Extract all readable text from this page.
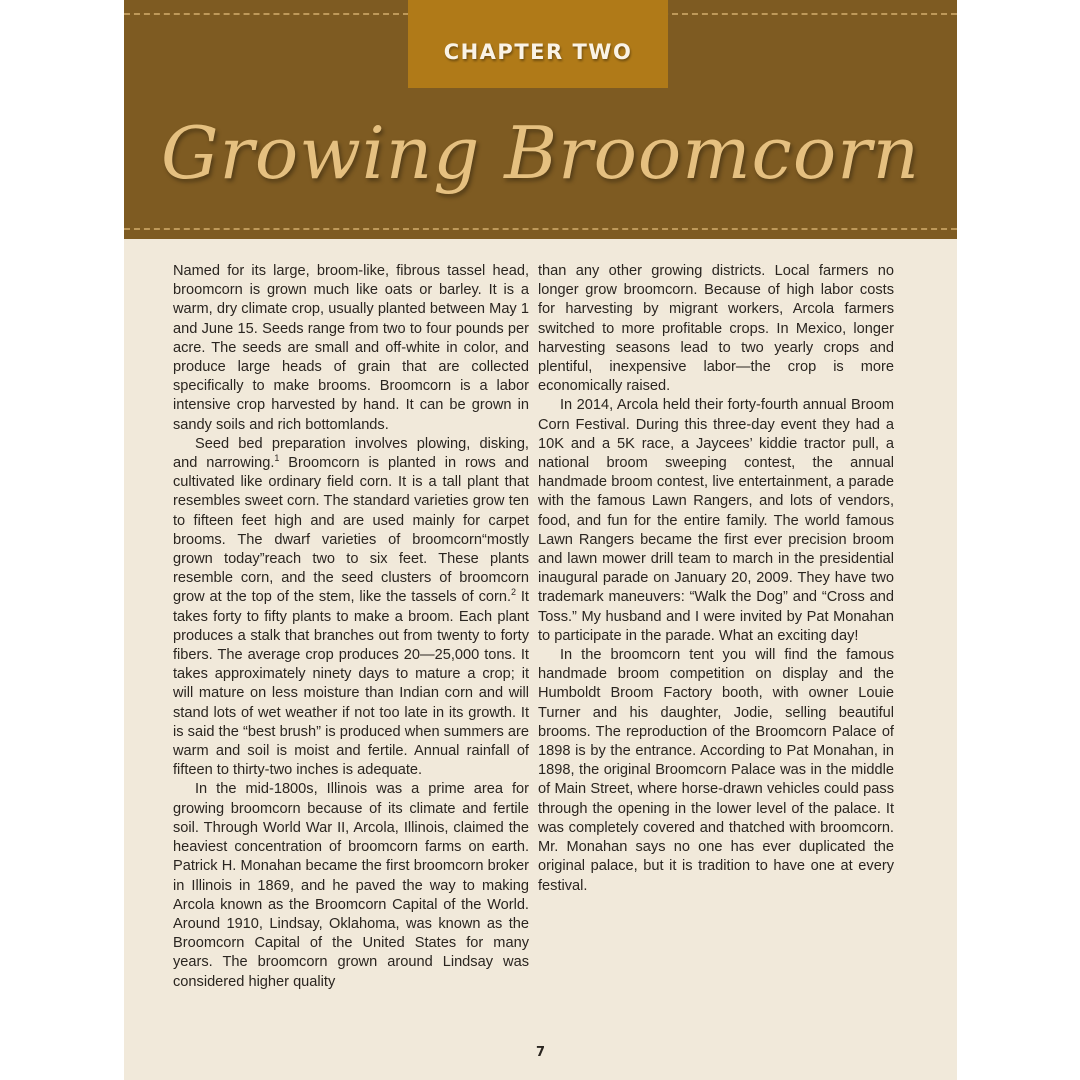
CHAPTER TWO
Growing Broomcorn

Named for its large, broom-like, fibrous tassel head, broomcorn is grown much like oats or barley. It is a warm, dry climate crop, usually planted between May 1 and June 15. Seeds range from two to four pounds per acre. The seeds are small and off-white in color, and produce large heads of grain that are collected specifically to make brooms. Broomcorn is a labor intensive crop harvested by hand. It can be grown in sandy soils and rich bottomlands.

Seed bed preparation involves plowing, disking, and narrowing.$^1$ Broomcorn is planted in rows and cultivated like ordinary field corn. It is a tall plant that resembles sweet corn. The standard varieties grow ten to fifteen feet high and are used mainly for carpet brooms. The dwarf varieties of broomcorn“mostly grown today”reach two to six feet. These plants resemble corn, and the seed clusters of broomcorn grow at the top of the stem, like the tassels of corn.$^2$ It takes forty to fifty plants to make a broom. Each plant produces a stalk that branches out from twenty to forty fibers. The average crop produces 20—25,000 tons. It takes approximately ninety days to mature a crop; it will mature on less moisture than Indian corn and will stand lots of wet weather if not too late in its growth. It is said the “best brush” is produced when summers are warm and soil is moist and fertile. Annual rainfall of fifteen to thirty-two inches is adequate.

In the mid-1800s, Illinois was a prime area for growing broomcorn because of its climate and fertile soil. Through World War II, Arcola, Illinois, claimed the heaviest concentration of broomcorn farms on earth. Patrick H. Monahan became the first broomcorn broker in Illinois in 1869, and he paved the way to making Arcola known as the Broomcorn Capital of the World. Around 1910, Lindsay, Oklahoma, was known as the Broomcorn Capital of the United States for many years. The broomcorn grown around Lindsay was considered higher quality

than any other growing districts. Local farmers no longer grow broomcorn. Because of high labor costs for harvesting by migrant workers, Arcola farmers switched to more profitable crops. In Mexico, longer harvesting seasons lead to two yearly crops and plentiful, inexpensive labor—the crop is more economically raised.

In 2014, Arcola held their forty-fourth annual Broom Corn Festival. During this three-day event they had a 10K and a 5K race, a Jaycees’ kiddie tractor pull, a national broom sweeping contest, the annual handmade broom contest, live entertainment, a parade with the famous Lawn Rangers, and lots of vendors, food, and fun for the entire family. The world famous Lawn Rangers became the first ever precision broom and lawn mower drill team to march in the presidential inaugural parade on January 20, 2009. They have two trademark maneuvers: “Walk the Dog” and “Cross and Toss.” My husband and I were invited by Pat Monahan to participate in the parade. What an exciting day!

In the broomcorn tent you will find the famous handmade broom competition on display and the Humboldt Broom Factory booth, with owner Louie Turner and his daughter, Jodie, selling beautiful brooms. The reproduction of the Broomcorn Palace of 1898 is by the entrance. According to Pat Monahan, in 1898, the original Broomcorn Palace was in the middle of Main Street, where horse-drawn vehicles could pass through the opening in the lower level of the palace. It was completely covered and thatched with broomcorn. Mr. Monahan says no one has ever duplicated the original palace, but it is tradition to have one at every festival.

7
